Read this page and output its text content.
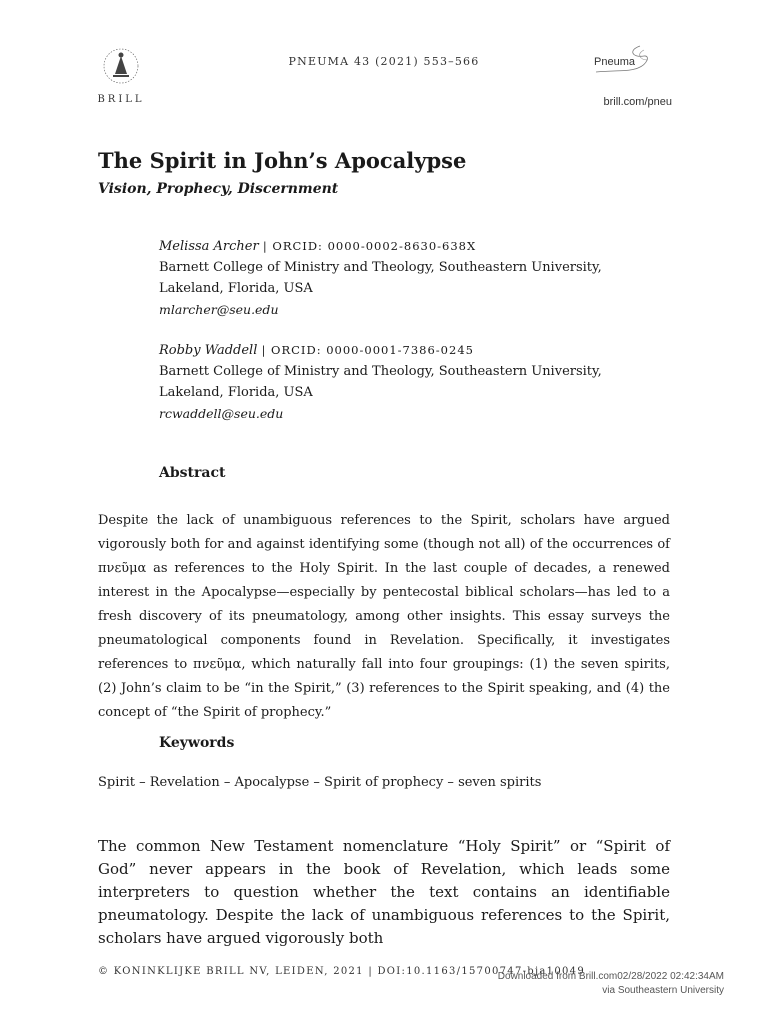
BRILL
PNEUMA 43 (2021) 553–566	Pneuma
brill.com/pneu
The Spirit in John’s Apocalypse
Vision, Prophecy, Discernment
Melissa Archer | ORCID: 0000-0002-8630-638X
Barnett College of Ministry and Theology, Southeastern University,
Lakeland, Florida, USA
mlarcher@seu.edu
Robby Waddell | ORCID: 0000-0001-7386-0245
Barnett College of Ministry and Theology, Southeastern University,
Lakeland, Florida, USA
rcwaddell@seu.edu
Abstract

Despite the lack of unambiguous references to the Spirit, scholars have argued vigorously both for and against identifying some (though not all) of the occurrences of πνεῦμα as references to the Holy Spirit. In the last couple of decades, a renewed interest in the Apocalypse—especially by pentecostal biblical scholars—has led to a fresh discovery of its pneumatology, among other insights. This essay surveys the pneumatological components found in Revelation. Specifically, it investigates references to πνεῦμα, which naturally fall into four groupings: (1) the seven spirits, (2) John’s claim to be “in the Spirit,” (3) references to the Spirit speaking, and (4) the concept of “the Spirit of prophecy.”

Keywords

Spirit – Revelation – Apocalypse – Spirit of prophecy – seven spirits

The common New Testament nomenclature “Holy Spirit” or “Spirit of God” never appears in the book of Revelation, which leads some interpreters to question whether the text contains an identifiable pneumatology. Despite the lack of unambiguous references to the Spirit, scholars have argued vigorously both

© KONINKLIJKE BRILL NV, LEIDEN, 2021 | DOI:10.1163/15700747-bja10049
Downloaded from Brill.com02/28/2022 02:42:34AM
via Southeastern University
